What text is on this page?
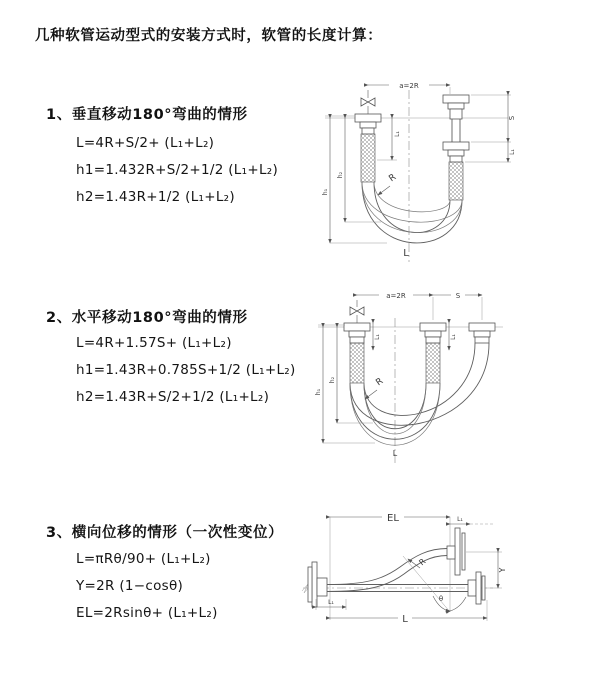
几种软管运动型式的安装方式时，软管的长度计算：
1、垂直移动180°弯曲的情形
L=4R+S/2+ (L₁+L₂)
h1=1.432R+S/2+1/2 (L₁+L₂)
h2=1.43R+1/2 (L₁+L₂)
2、水平移动180°弯曲的情形
L=4R+1.57S+ (L₁+L₂)
h1=1.43R+0.785S+1/2 (L₁+L₂)
h2=1.43R+S/2+1/2 (L₁+L₂)
3、横向位移的情形（一次性变位）
L=πRθ/90+ (L₁+L₂)
Y=2R (1−cosθ)
EL=2Rsinθ+ (L₁+L₂)
a=2R
L₁
S
L₁
h₁
h₂	R
L
a=2R	S
L₁	L₁
h₁
h₂	R
L
EL	L₁
θ
R
Y
L₁
L
